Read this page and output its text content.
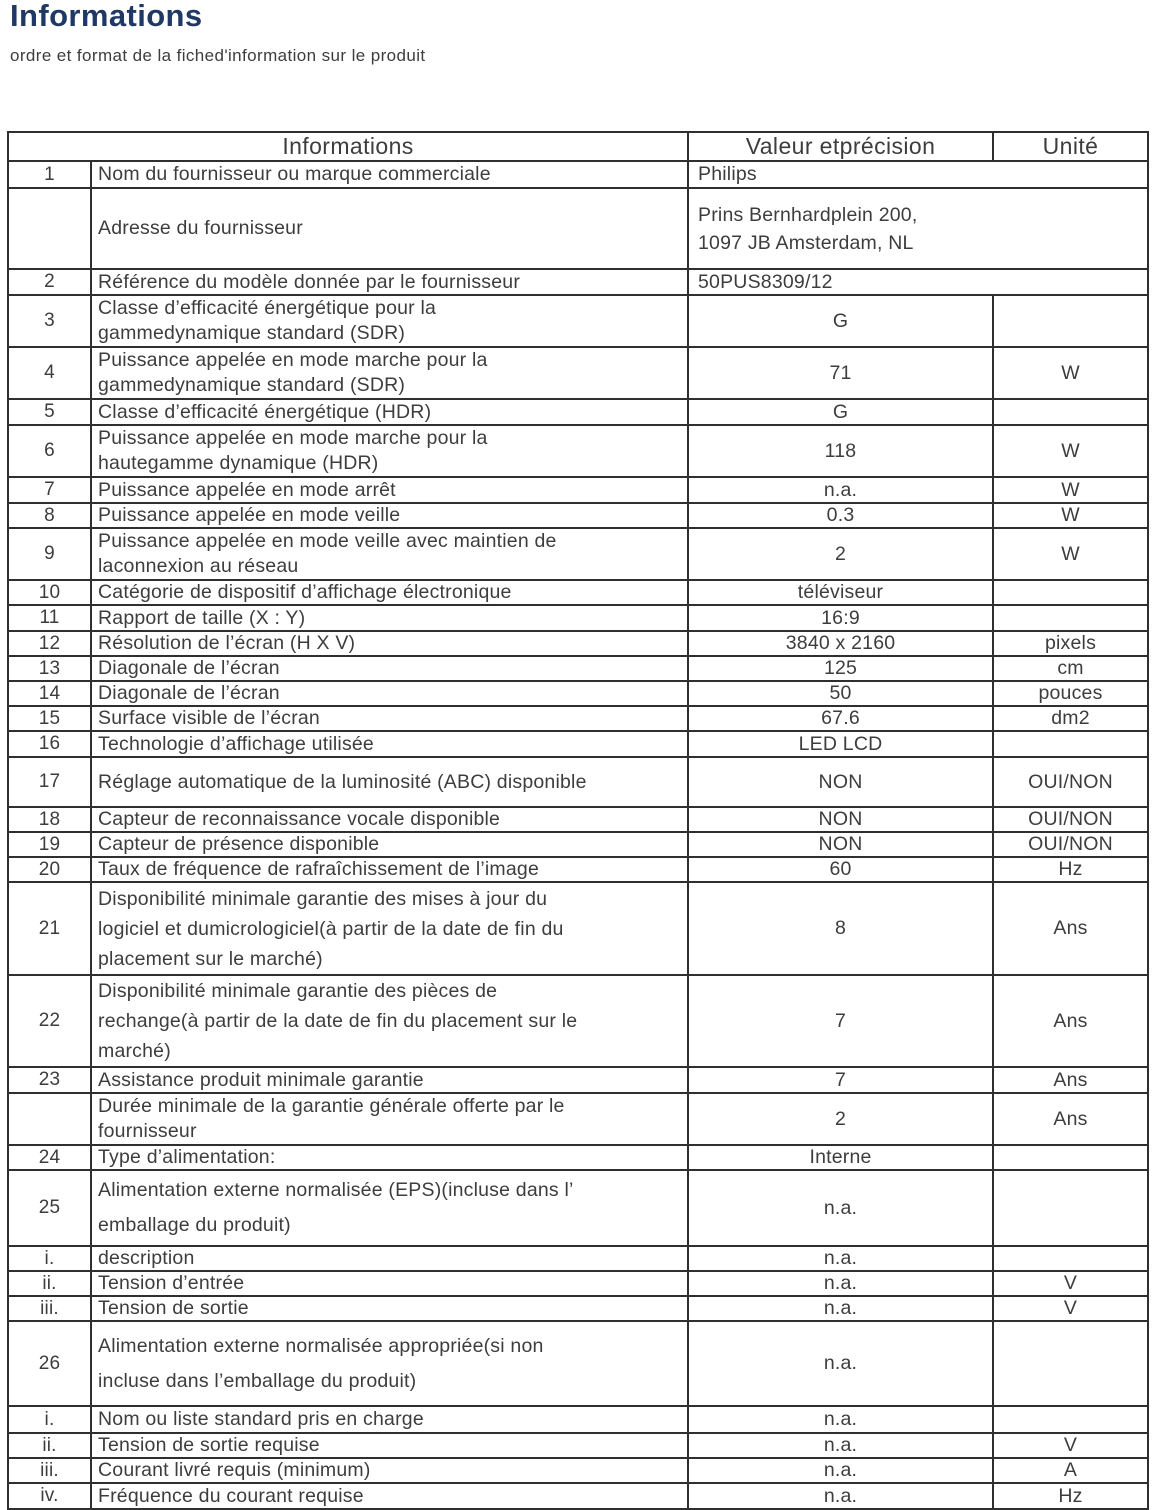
Informations
ordre et format de la fiched'information sur le produit
Informations		Valeur etprécision	Unité
1	Nom du fournisseur ou marque commerciale	Philips	
	Adresse du fournisseur	Prins Bernhardplein 200,
1097 JB Amsterdam, NL	

2	Référence du modèle donnée par le fournisseur	50PUS8309/12	
3	Classe d’efficacité énergétique pour la
gammedynamique standard (SDR)	G	
4	Puissance appelée en mode marche pour la
gammedynamique standard (SDR)	71	W
5	Classe d’efficacité énergétique (HDR)	G	
6	Puissance appelée en mode marche pour la
hautegamme dynamique (HDR)	118	W
7	Puissance appelée en mode arrêt	n.a.	W
8	Puissance appelée en mode veille	0.3	W
9	Puissance appelée en mode veille avec maintien de
laconnexion au réseau	2	W
10	Catégorie de dispositif d’affichage électronique	téléviseur	
11	Rapport de taille (X : Y)	16:9	
12	Résolution de l’écran (H X V)	3840 x 2160	pixels
13	Diagonale de l’écran	125	cm
14	Diagonale de l’écran	50	pouces
15	Surface visible de l’écran	67.6	dm2
16	Technologie d’affichage utilisée	LED LCD	
17	Réglage automatique de la luminosité (ABC) disponible	NON	OUI/NON
18	Capteur de reconnaissance vocale disponible	NON	OUI/NON
19	Capteur de présence disponible	NON	OUI/NON
20	Taux de fréquence de rafraîchissement de l’image	60	Hz
21	Disponibilité minimale garantie des mises à jour du
logiciel et dumicrologiciel(à partir de la date de fin du
placement sur le marché)	8	Ans
22	Disponibilité minimale garantie des pièces de
rechange(à partir de la date de fin du placement sur le
marché)	7	Ans
23	Assistance produit minimale garantie	7	Ans

	Durée minimale de la garantie générale offerte par le
fournisseur	2	Ans
24	Type d’alimentation:	Interne	
25	Alimentation externe normalisée (EPS)(incluse dans l’
emballage du produit)	n.a.	
i.	description	n.a.	
ii.	Tension d’entrée	n.a.	V
iii.	Tension de sortie	n.a.	V
26	Alimentation externe normalisée appropriée(si non
incluse dans l’emballage du produit)	n.a.	
i.	Nom ou liste standard pris en charge	n.a.	
ii.	Tension de sortie requise	n.a.	V
iii.	Courant livré requis (minimum)	n.a.	A
iv.	Fréquence du courant requise	n.a.	Hz
